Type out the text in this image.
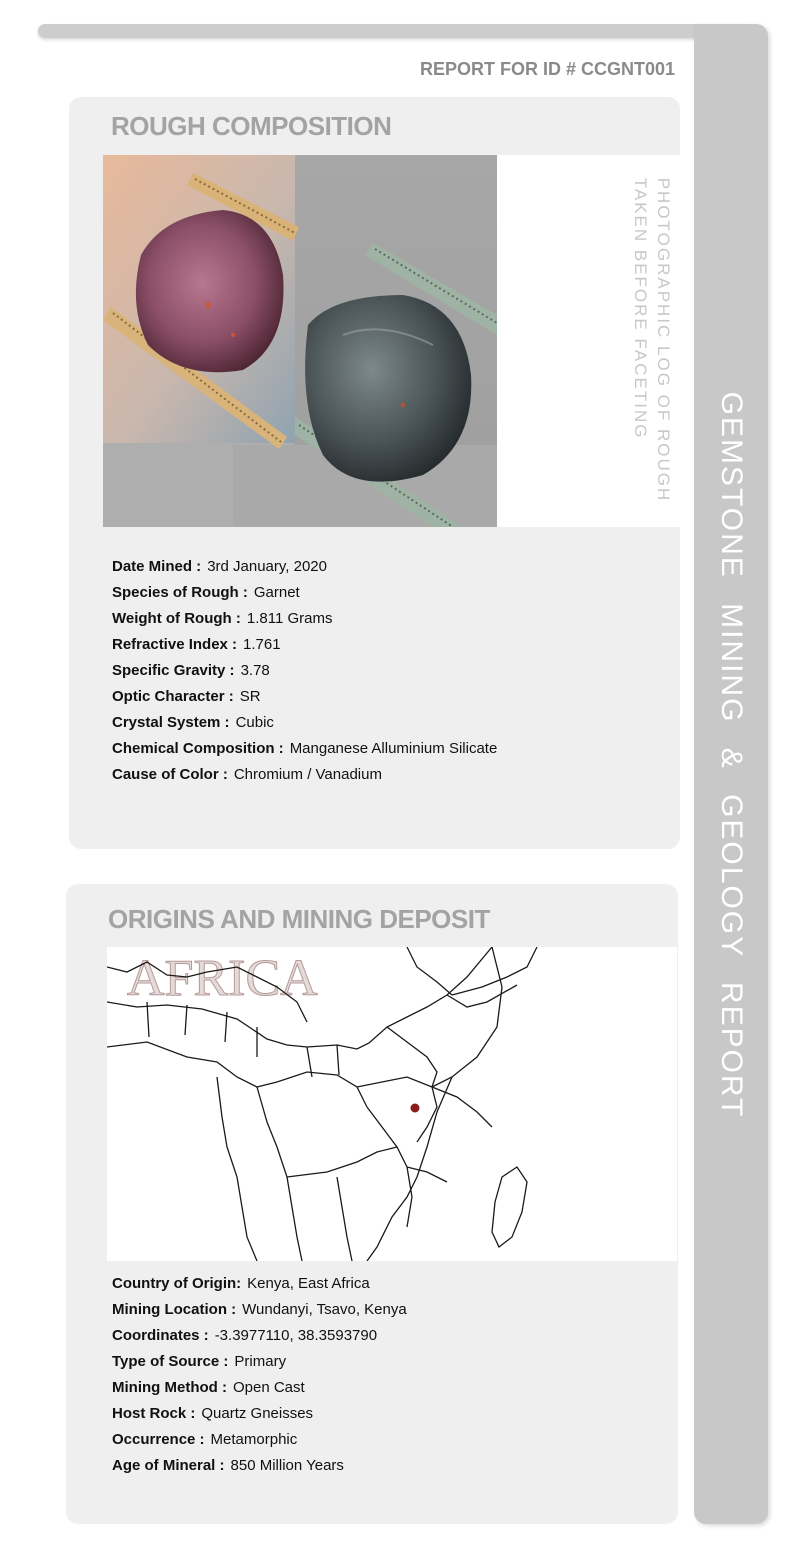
GEMSTONE MINING & GEOLOGY REPORT
REPORT FOR ID # CCGNT001
ROUGH COMPOSITION
PHOTOGRAPHIC LOG OF ROUGH
TAKEN BEFORE FACETING
Date Mined : 3rd January, 2020
Species of Rough : Garnet
Weight of Rough : 1.811 Grams
Refractive Index : 1.761
Specific Gravity : 3.78
Optic Character : SR
Crystal System : Cubic
Chemical Composition : Manganese Alluminium Silicate
Cause of Color : Chromium / Vanadium
ORIGINS AND MINING DEPOSIT
AFRICA
Country of Origin: Kenya, East Africa
Mining Location : Wundanyi, Tsavo, Kenya
Coordinates : -3.3977110, 38.3593790
Type of Source : Primary
Mining Method : Open Cast
Host Rock : Quartz Gneisses
Occurrence : Metamorphic
Age of Mineral : 850 Million Years
